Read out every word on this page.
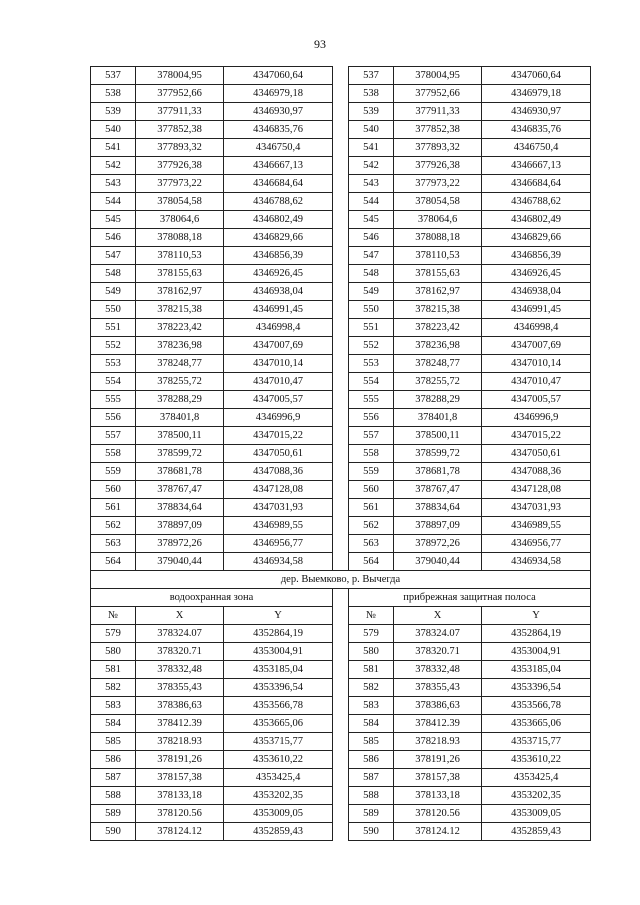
93
537	378004,95	4347060,64		537	378004,95	4347060,64
538	377952,66	4346979,18		538	377952,66	4346979,18
539	377911,33	4346930,97		539	377911,33	4346930,97
540	377852,38	4346835,76		540	377852,38	4346835,76
541	377893,32	4346750,4		541	377893,32	4346750,4
542	377926,38	4346667,13		542	377926,38	4346667,13
543	377973,22	4346684,64		543	377973,22	4346684,64
544	378054,58	4346788,62		544	378054,58	4346788,62
545	378064,6	4346802,49		545	378064,6	4346802,49
546	378088,18	4346829,66		546	378088,18	4346829,66
547	378110,53	4346856,39		547	378110,53	4346856,39
548	378155,63	4346926,45		548	378155,63	4346926,45
549	378162,97	4346938,04		549	378162,97	4346938,04
550	378215,38	4346991,45		550	378215,38	4346991,45
551	378223,42	4346998,4		551	378223,42	4346998,4
552	378236,98	4347007,69		552	378236,98	4347007,69
553	378248,77	4347010,14		553	378248,77	4347010,14
554	378255,72	4347010,47		554	378255,72	4347010,47
555	378288,29	4347005,57		555	378288,29	4347005,57
556	378401,8	4346996,9		556	378401,8	4346996,9
557	378500,11	4347015,22		557	378500,11	4347015,22
558	378599,72	4347050,61		558	378599,72	4347050,61
559	378681,78	4347088,36		559	378681,78	4347088,36
560	378767,47	4347128,08		560	378767,47	4347128,08
561	378834,64	4347031,93		561	378834,64	4347031,93
562	378897,09	4346989,55		562	378897,09	4346989,55
563	378972,26	4346956,77		563	378972,26	4346956,77
564	379040,44	4346934,58		564	379040,44	4346934,58
дер. Выемково, р. Вычегда						
водоохранная зона				прибрежная защитная полоса		
№	X	Y		№	X	Y
579	378324.07	4352864,19		579	378324.07	4352864,19
580	378320.71	4353004,91		580	378320.71	4353004,91
581	378332,48	4353185,04		581	378332,48	4353185,04
582	378355,43	4353396,54		582	378355,43	4353396,54
583	378386,63	4353566,78		583	378386,63	4353566,78
584	378412.39	4353665,06		584	378412.39	4353665,06
585	378218.93	4353715,77		585	378218.93	4353715,77
586	378191,26	4353610,22		586	378191,26	4353610,22
587	378157,38	4353425,4		587	378157,38	4353425,4
588	378133,18	4353202,35		588	378133,18	4353202,35
589	378120.56	4353009,05		589	378120.56	4353009,05
590	378124.12	4352859,43		590	378124.12	4352859,43
